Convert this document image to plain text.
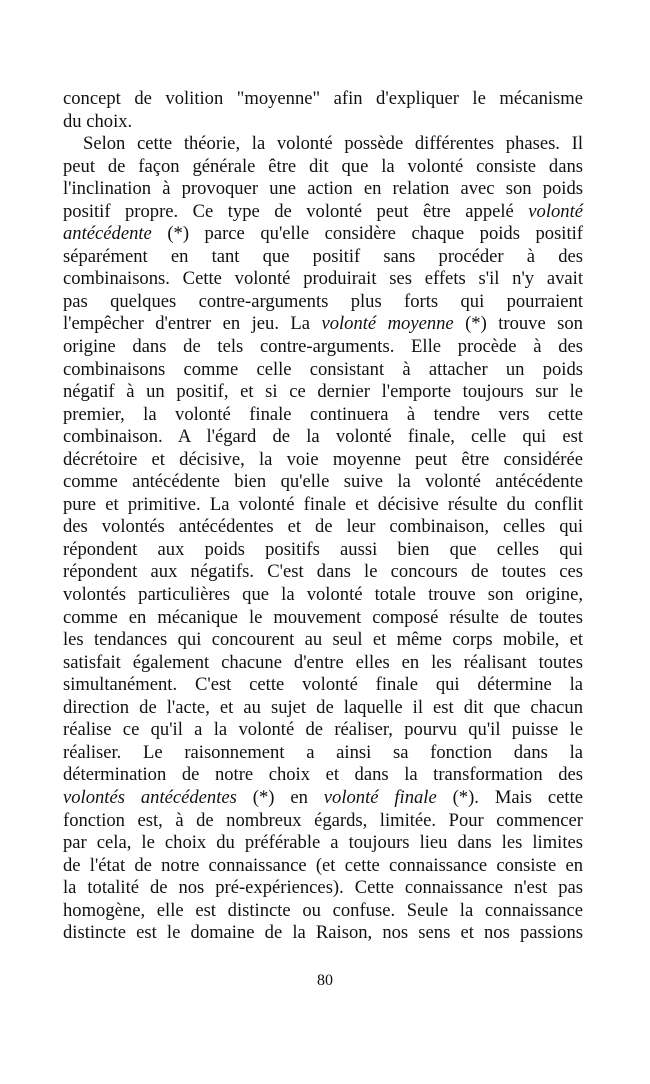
concept de volition "moyenne" afin d'expliquer le mécanisme
du choix.
Selon cette théorie, la volonté possède différentes phases. Il
peut de façon générale être dit que la volonté consiste dans
l'inclination à provoquer une action en relation avec son poids
positif propre. Ce type de volonté peut être appelé volonté
antécédente (*) parce qu'elle considère chaque poids positif
séparément en tant que positif sans procéder à des
combinaisons. Cette volonté produirait ses effets s'il n'y avait
pas quelques contre-arguments plus forts qui pourraient
l'empêcher d'entrer en jeu. La volonté moyenne (*) trouve son
origine dans de tels contre-arguments. Elle procède à des
combinaisons comme celle consistant à attacher un poids
négatif à un positif, et si ce dernier l'emporte toujours sur le
premier, la volonté finale continuera à tendre vers cette
combinaison. A l'égard de la volonté finale, celle qui est
décrétoire et décisive, la voie moyenne peut être considérée
comme antécédente bien qu'elle suive la volonté antécédente
pure et primitive. La volonté finale et décisive résulte du conflit
des volontés antécédentes et de leur combinaison, celles qui
répondent aux poids positifs aussi bien que celles qui
répondent aux négatifs. C'est dans le concours de toutes ces
volontés particulières que la volonté totale trouve son origine,
comme en mécanique le mouvement composé résulte de toutes
les tendances qui concourent au seul et même corps mobile, et
satisfait également chacune d'entre elles en les réalisant toutes
simultanément. C'est cette volonté finale qui détermine la
direction de l'acte, et au sujet de laquelle il est dit que chacun
réalise ce qu'il a la volonté de réaliser, pourvu qu'il puisse le
réaliser. Le raisonnement a ainsi sa fonction dans la
détermination de notre choix et dans la transformation des
volontés antécédentes (*) en volonté finale (*). Mais cette
fonction est, à de nombreux égards, limitée. Pour commencer
par cela, le choix du préférable a toujours lieu dans les limites
de l'état de notre connaissance (et cette connaissance consiste en
la totalité de nos pré-expériences). Cette connaissance n'est pas
homogène, elle est distincte ou confuse. Seule la connaissance
distincte est le domaine de la Raison, nos sens et nos passions
80
